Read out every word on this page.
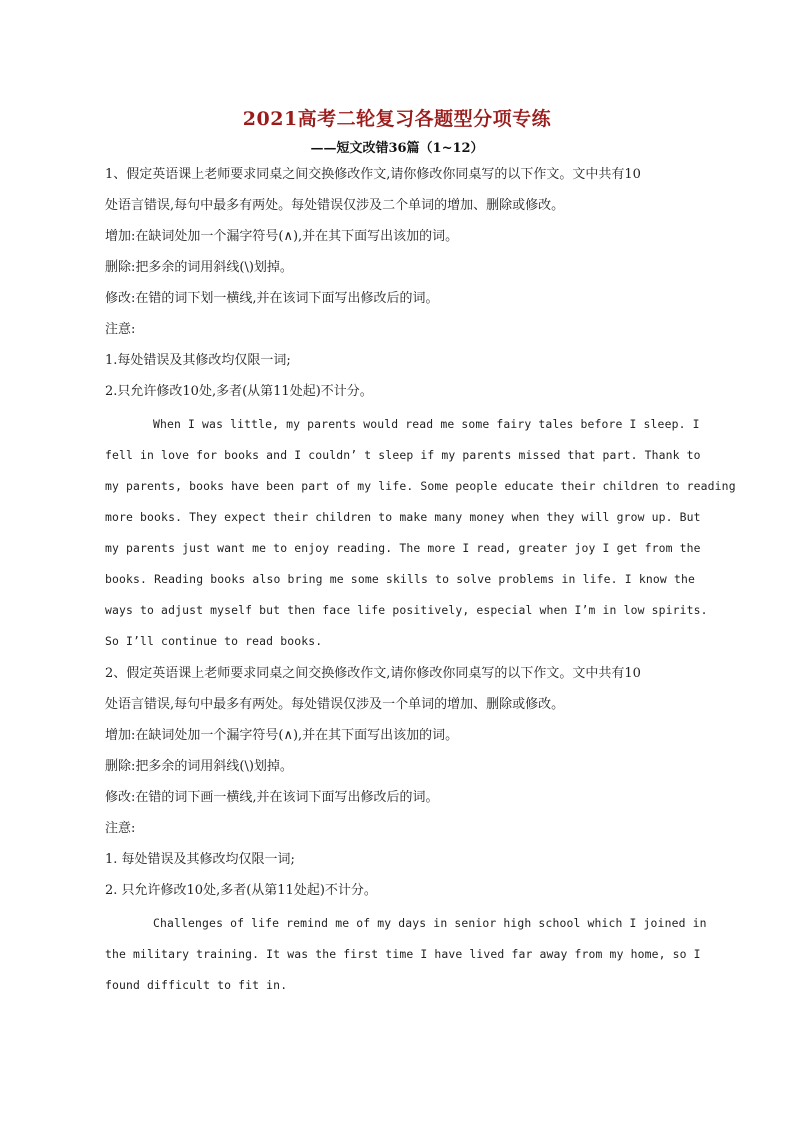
2021高考二轮复习各题型分项专练
——短文改错36篇（1~12）
1、假定英语课上老师要求同桌之间交换修改作文,请你修改你同桌写的以下作文。文中共有10
处语言错误,每句中最多有两处。每处错误仅涉及二个单词的增加、删除或修改。
增加:在缺词处加一个漏字符号(∧),并在其下面写出该加的词。
删除:把多余的词用斜线(\)划掉。
修改:在错的词下划一横线,并在该词下面写出修改后的词。
注意:
1.每处错误及其修改均仅限一词;
2.只允许修改10处,多者(从第11处起)不计分。
When I was little, my parents would read me some fairy tales before I sleep. I
fell in love for books and I couldn’ t sleep if my parents missed that part. Thank to
my parents, books have been part of my life. Some people educate their children to reading
more books. They expect their children to make many money when they will grow up. But
my parents just want me to enjoy reading. The more I read, greater joy I get from the
books. Reading books also bring me some skills to solve problems in life. I know the
ways to adjust myself but then face life positively, especial when I’m in low spirits.
So I’ll continue to read books.
2、假定英语课上老师要求同桌之间交换修改作文,请你修改你同桌写的以下作文。文中共有10
处语言错误,每句中最多有两处。每处错误仅涉及一个单词的增加、删除或修改。
增加:在缺词处加一个漏字符号(∧),并在其下面写出该加的词。
删除:把多余的词用斜线(\)划掉。
修改:在错的词下画一横线,并在该词下面写出修改后的词。
注意:
1. 每处错误及其修改均仅限一词;
2. 只允许修改10处,多者(从第11处起)不计分。
Challenges of life remind me of my days in senior high school which I joined in
the military training. It was the first time I have lived far away from my home, so I
found difficult to fit in.
